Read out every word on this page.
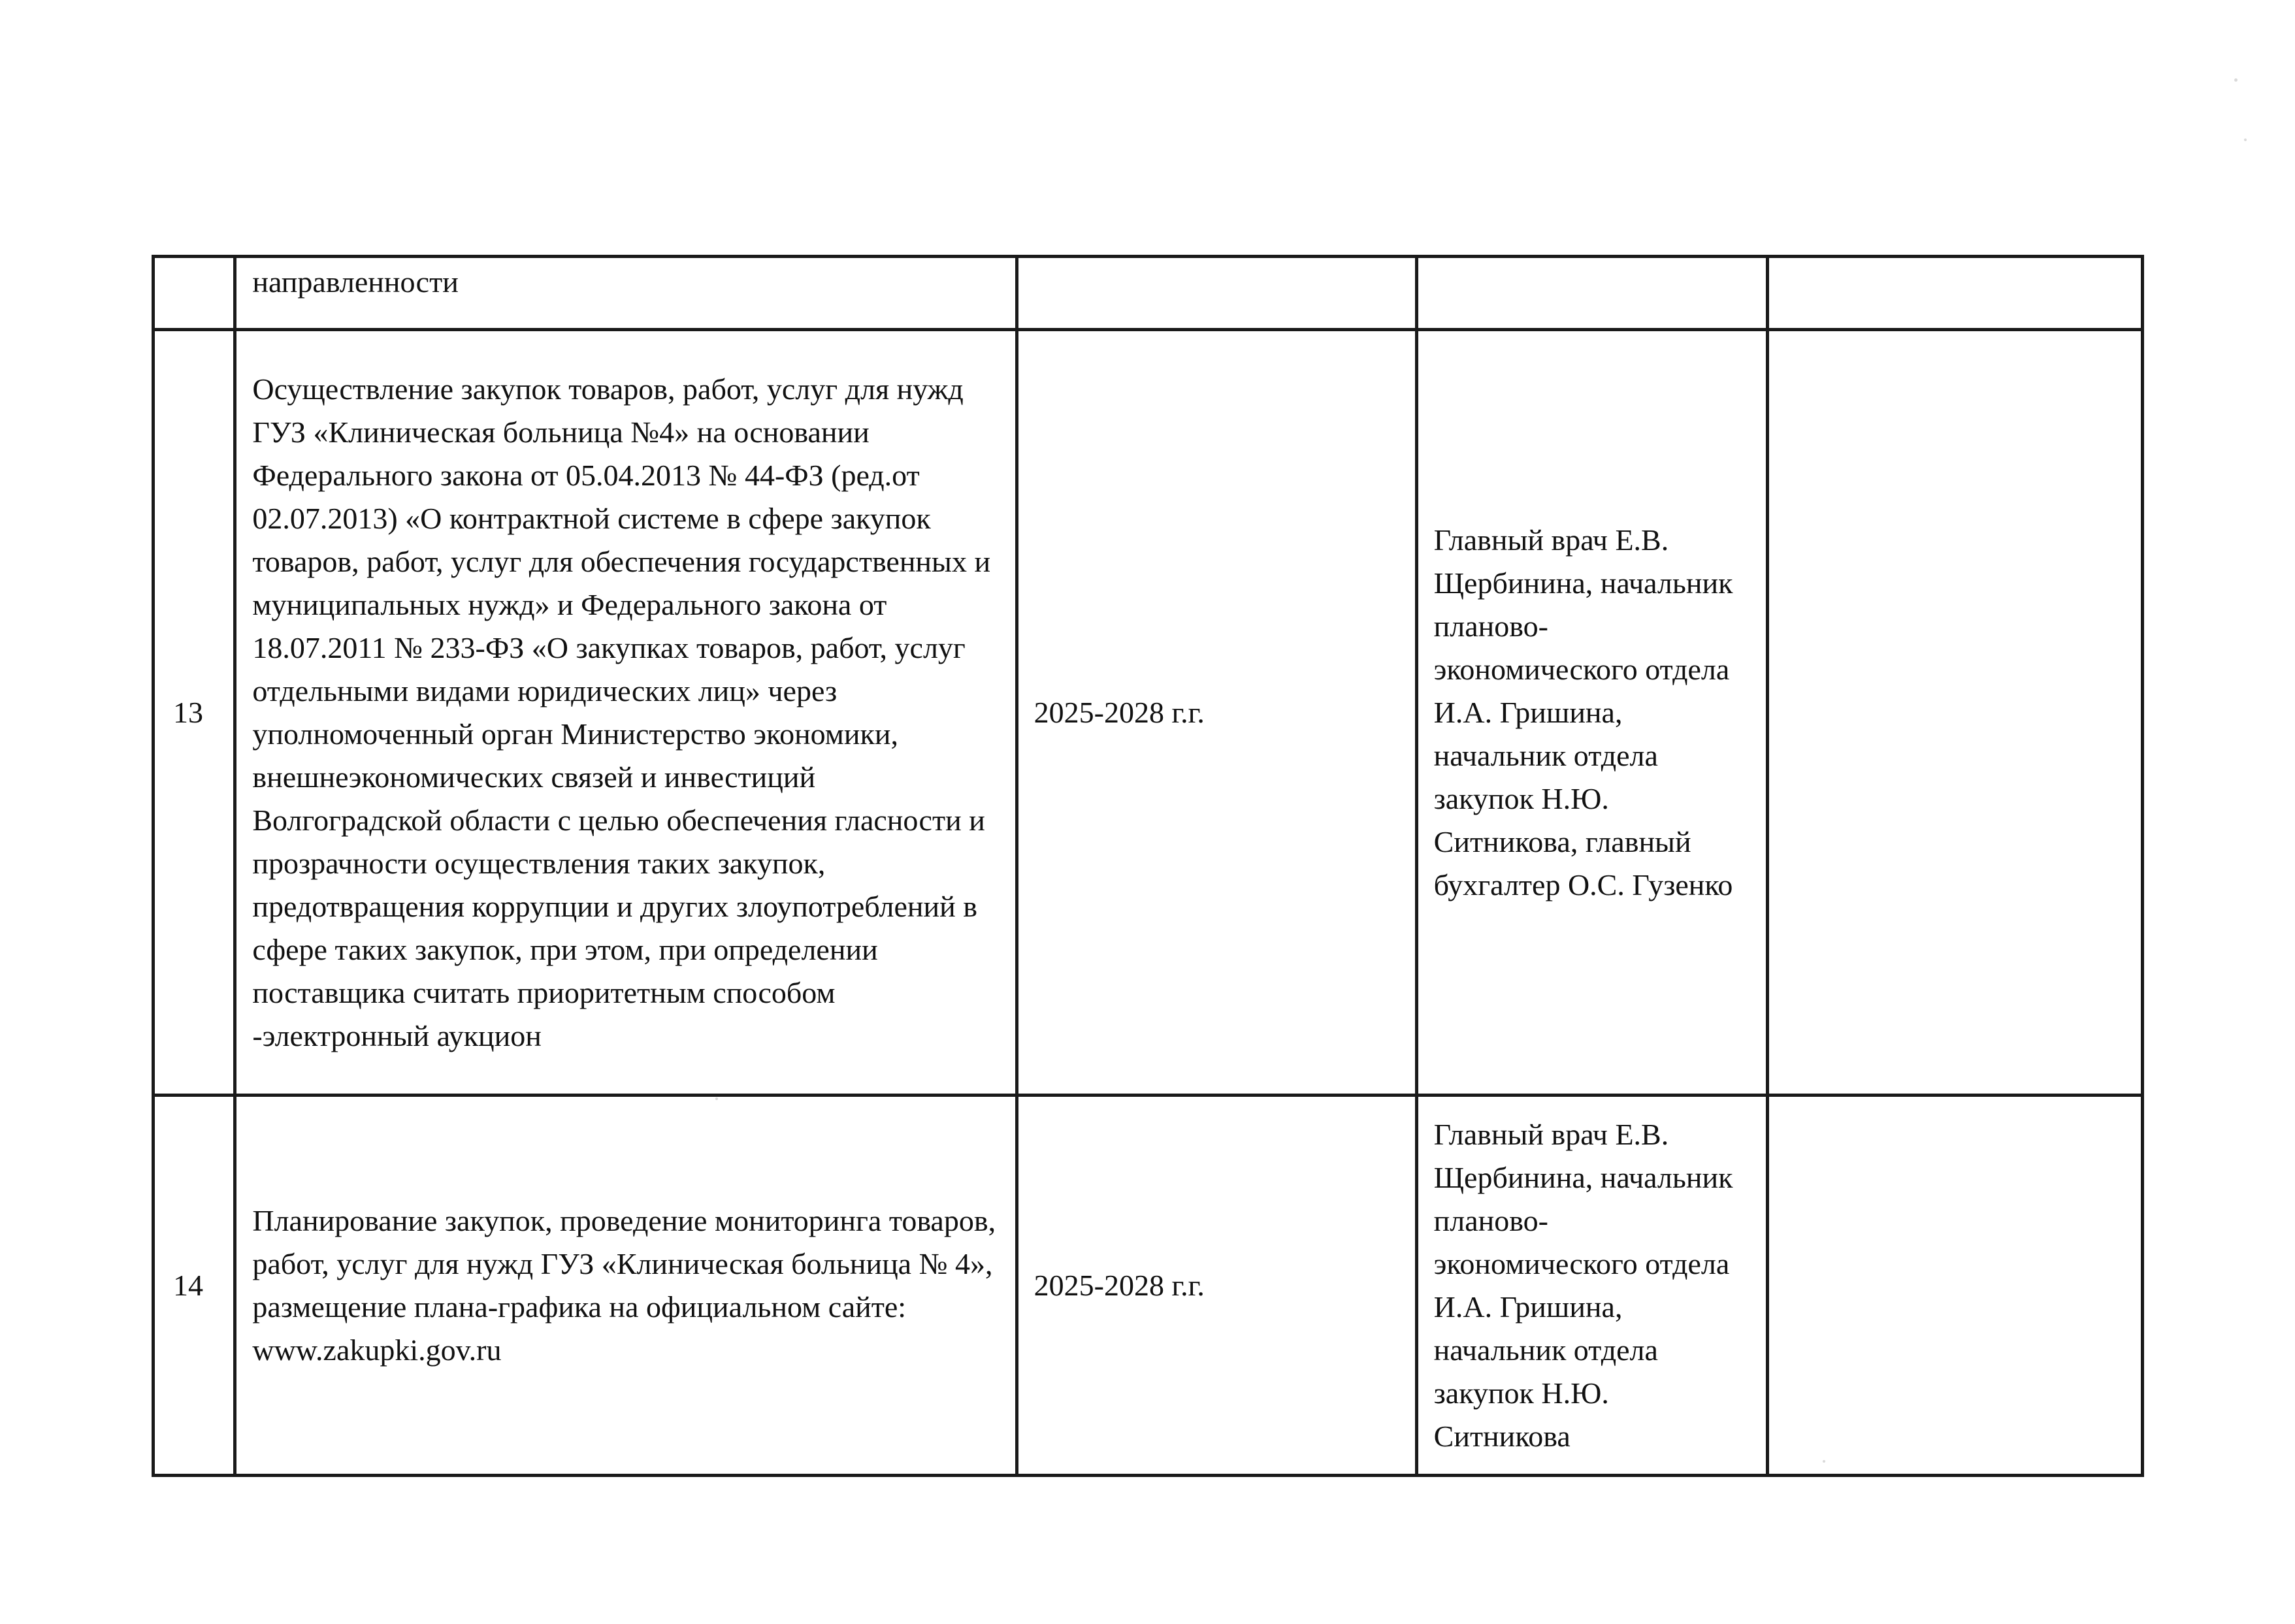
	направленности			

13	Осуществление закупок товаров, работ, услуг для нужд ГУЗ «Клиническая больница №4» на основании Федерального закона от 05.04.2013 № 44-ФЗ (ред.от 02.07.2013) «О контрактной системе в сфере закупок товаров, работ, услуг для обеспечения государственных и муниципальных нужд» и Федерального закона от 18.07.2011 № 233-ФЗ «О закупках товаров, работ, услуг отдельными видами юридических лиц» через уполномоченный орган Министерство экономики, внешнеэкономических связей и инвестиций Волгоградской области с целью обеспечения гласности и прозрачности осуществления таких закупок, предотвращения коррупции и других злоупотреблений в сфере таких закупок, при этом, при определении поставщика считать приоритетным способом -электронный аукцион	2025-2028 г.г.	Главный врач Е.В. Щербинина, начальник планово-экономического отдела И.А. Гришина, начальник отдела закупок Н.Ю. Ситникова, главный бухгалтер О.С. Гузенко	

14	Планирование закупок, проведение мониторинга товаров, работ, услуг для нужд ГУЗ «Клиническая больница № 4», размещение плана-графика на официальном сайте: www.zakupki.gov.ru	2025-2028 г.г.	Главный врач Е.В. Щербинина, начальник планово-экономического отдела И.А. Гришина, начальник отдела закупок Н.Ю. Ситникова	
